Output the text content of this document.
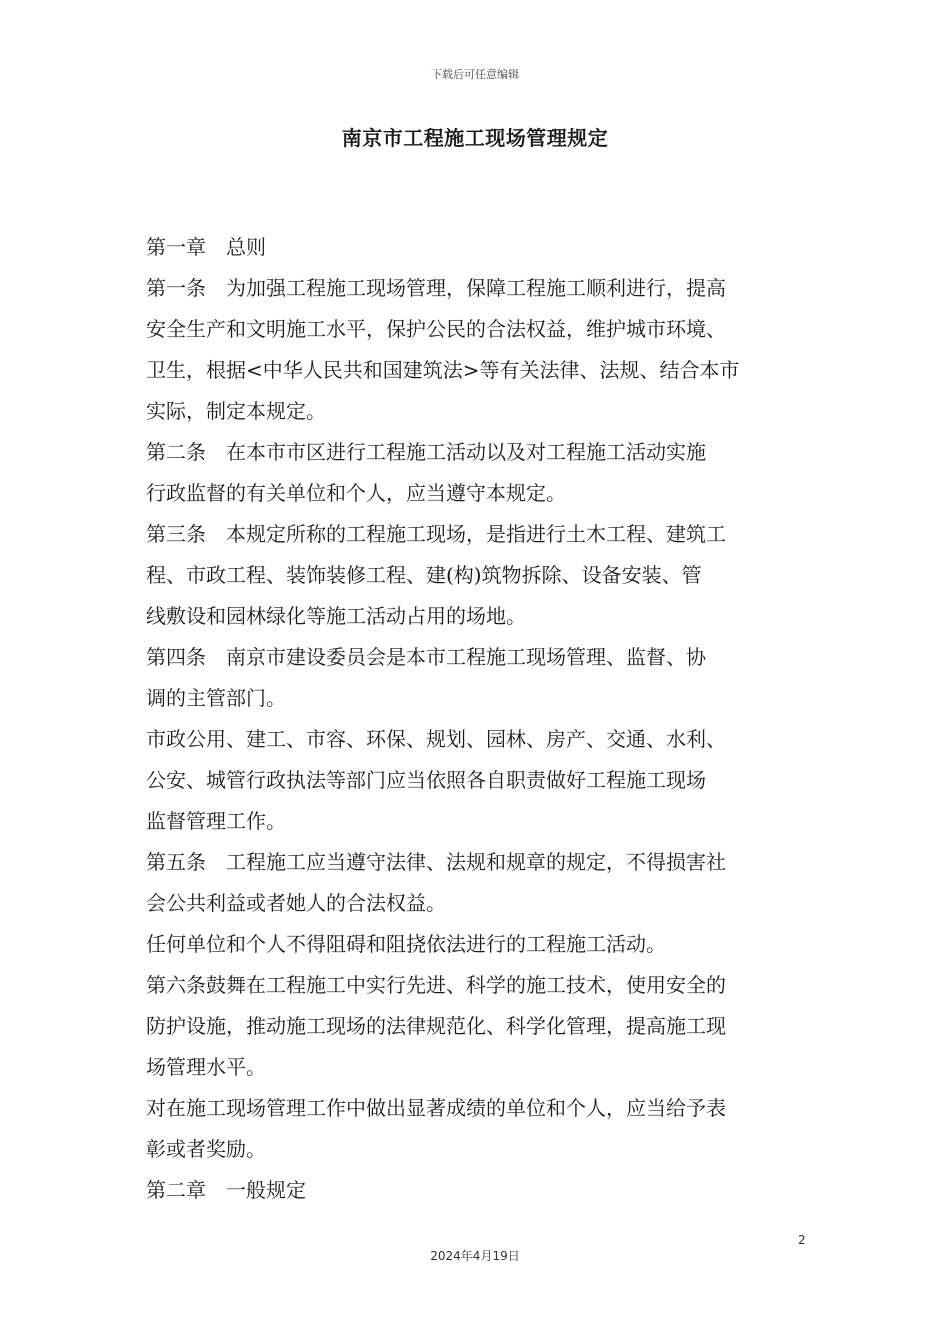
下载后可任意编辑
南京市工程施工现场管理规定
第一章　总则
第一条　为加强工程施工现场管理，保障工程施工顺利进行，提高
安全生产和文明施工水平，保护公民的合法权益，维护城市环境、
卫生，根据<中华人民共和国建筑法>等有关法律、法规、结合本市
实际，制定本规定。
第二条　在本市市区进行工程施工活动以及对工程施工活动实施
行政监督的有关单位和个人，应当遵守本规定。
第三条　本规定所称的工程施工现场，是指进行土木工程、建筑工
程、市政工程、装饰装修工程、建(构)筑物拆除、设备安装、管
线敷设和园林绿化等施工活动占用的场地。
第四条　南京市建设委员会是本市工程施工现场管理、监督、协
调的主管部门。
市政公用、建工、市容、环保、规划、园林、房产、交通、水利、
公安、城管行政执法等部门应当依照各自职责做好工程施工现场
监督管理工作。
第五条　工程施工应当遵守法律、法规和规章的规定，不得损害社
会公共利益或者她人的合法权益。
任何单位和个人不得阻碍和阻挠依法进行的工程施工活动。
第六条鼓舞在工程施工中实行先进、科学的施工技术，使用安全的
防护设施，推动施工现场的法律规范化、科学化管理，提高施工现
场管理水平。
对在施工现场管理工作中做出显著成绩的单位和个人，应当给予表
彰或者奖励。
第二章　一般规定
2
2024年4月19日
